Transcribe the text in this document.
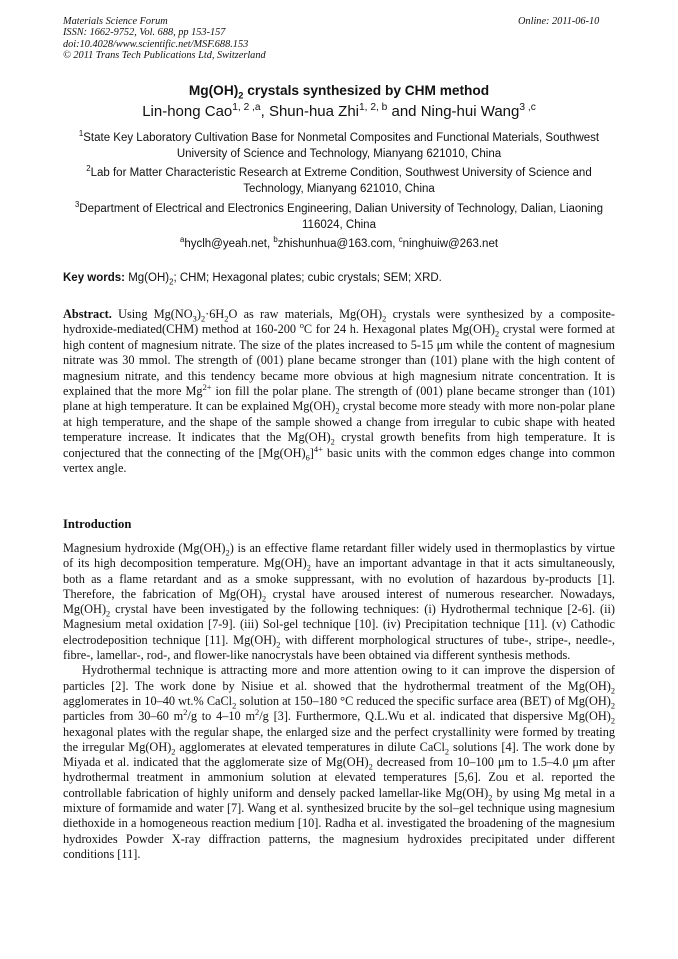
Materials Science Forum
ISSN: 1662-9752, Vol. 688, pp 153-157
doi:10.4028/www.scientific.net/MSF.688.153
© 2011 Trans Tech Publications Ltd, Switzerland
Online: 2011-06-10
$Mg(OH)_2$ crystals synthesized by CHM method
Lin-hong Cao$^{1, 2 ,a}$, Shun-hua Zhi$^{1, 2, b}$ and Ning-hui Wang$^{3 ,c}$
$^1$State Key Laboratory Cultivation Base for Nonmetal Composites and Functional Materials, Southwest University of Science and Technology, Mianyang 621010, China
$^2$Lab for Matter Characteristic Research at Extreme Condition, Southwest University of Science and Technology, Mianyang 621010, China
$^3$Department of Electrical and Electronics Engineering, Dalian University of Technology, Dalian, Liaoning 116024, China
$^a$hyclh@yeah.net, $^b$zhishunhua@163.com, $^c$ninghuiw@263.net
Key words: $Mg(OH)_2$; CHM; Hexagonal plates; cubic crystals; SEM; XRD.
Abstract. Using $Mg(NO_3)_2\cdot 6H_2O$ as raw materials, $Mg(OH)_2$ crystals were synthesized by a composite-hydroxide-mediated(CHM) method at 160-200 $^o$C for 24 h. Hexagonal plates $Mg(OH)_2$ crystal were formed at high content of magnesium nitrate. The size of the plates increased to 5-15 μm while the content of magnesium nitrate was 30 mmol. The strength of (001) plane became stronger than (101) plane with the high content of magnesium nitrate, and this tendency became more obvious at high magnesium nitrate concentration. It is explained that the more $Mg^{2+}$ ion fill the polar plane. The strength of (001) plane became stronger than (101) plane at high temperature. It can be explained $Mg(OH)_2$ crystal become more steady with more non-polar plane at high temperature, and the shape of the sample showed a change from irregular to cubic shape with heated temperature increase. It indicates that the $Mg(OH)_2$ crystal growth benefits from high temperature. It is conjectured that the connecting of the $[Mg(OH)_6]^{4+}$ basic units with the common edges change into common vertex angle.
Introduction

Magnesium hydroxide $(Mg(OH)_2)$ is an effective flame retardant filler widely used in thermoplastics by virtue of its high decomposition temperature. $Mg(OH)_2$ have an important advantage in that it acts simultaneously, both as a flame retardant and as a smoke suppressant, with no evolution of hazardous by-products [1]. Therefore, the fabrication of $Mg(OH)_2$ crystal have aroused interest of numerous researcher. Nowadays, $Mg(OH)_2$ crystal have been investigated by the following techniques: (i) Hydrothermal technique [2-6]. (ii) Magnesium metal oxidation [7-9]. (iii) Sol-gel technique [10]. (iv) Precipitation technique [11]. (v) Cathodic electrodeposition technique [11]. $Mg(OH)_2$ with different morphological structures of tube-, stripe-, needle-, fibre-, lamellar-, rod-, and flower-like nanocrystals have been obtained via different synthesis methods.

Hydrothermal technique is attracting more and more attention owing to it can improve the dispersion of particles [2]. The work done by Nisiue et al. showed that the hydrothermal treatment of the $Mg(OH)_2$ agglomerates in 10–40 wt.% CaCl$_2$ solution at 150–180 °C reduced the specific surface area (BET) of $Mg(OH)_2$ particles from 30–60 $m^2/g$ to 4–10 $m^2/g$ [3]. Furthermore, Q.L.Wu et al. indicated that dispersive $Mg(OH)_2$ hexagonal plates with the regular shape, the enlarged size and the perfect crystallinity were formed by treating the irregular $Mg(OH)_2$ agglomerates at elevated temperatures in dilute CaCl$_2$ solutions [4]. The work done by Miyada et al. indicated that the agglomerate size of $Mg(OH)_2$ decreased from 10–100 μm to 1.5–4.0 μm after hydrothermal treatment in ammonium solution at elevated temperatures [5,6]. Zou et al. reported the controllable fabrication of highly uniform and densely packed lamellar-like $Mg(OH)_2$ by using Mg metal in a mixture of formamide and water [7]. Wang et al. synthesized brucite by the sol–gel technique using magnesium diethoxide in a homogeneous reaction medium [10]. Radha et al. investigated the broadening of the magnesium hydroxides Powder X-ray diffraction patterns, the magnesium hydroxides precipitated under different conditions [11].
